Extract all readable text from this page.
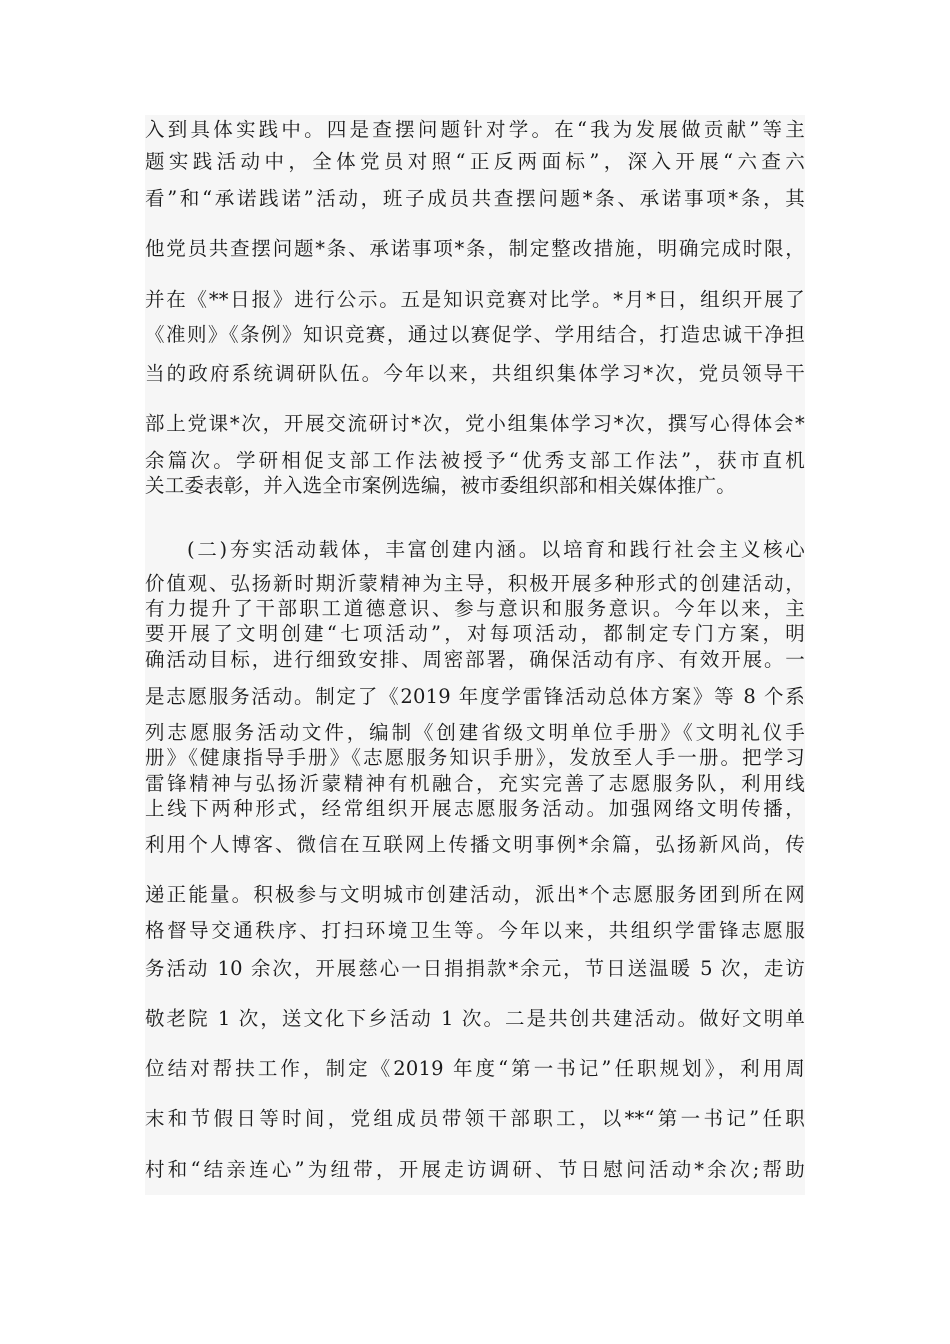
入到具体实践中。四是查摆问题针对学。在“我为发展做贡献”等主
题实践活动中，全体党员对照“正反两面标”，深入开展“六查六
看”和“承诺践诺”活动，班子成员共查摆问题*条、承诺事项*条，其
他党员共查摆问题*条、承诺事项*条，制定整改措施，明确完成时限，
并在《**日报》进行公示。五是知识竞赛对比学。*月*日，组织开展了
《准则》《条例》知识竞赛，通过以赛促学、学用结合，打造忠诚干净担
当的政府系统调研队伍。今年以来，共组织集体学习*次，党员领导干
部上党课*次，开展交流研讨*次，党小组集体学习*次，撰写心得体会*
余篇次。学研相促支部工作法被授予“优秀支部工作法”，获市直机
关工委表彰，并入选全市案例选编，被市委组织部和相关媒体推广。
(二)夯实活动载体，丰富创建内涵。以培育和践行社会主义核心
价值观、弘扬新时期沂蒙精神为主导，积极开展多种形式的创建活动，
有力提升了干部职工道德意识、参与意识和服务意识。今年以来，主
要开展了文明创建“七项活动”，对每项活动，都制定专门方案，明
确活动目标，进行细致安排、周密部署，确保活动有序、有效开展。一
是志愿服务活动。制定了《2019 年度学雷锋活动总体方案》等 8 个系
列志愿服务活动文件，编制《创建省级文明单位手册》《文明礼仪手
册》《健康指导手册》《志愿服务知识手册》，发放至人手一册。把学习
雷锋精神与弘扬沂蒙精神有机融合，充实完善了志愿服务队，利用线
上线下两种形式，经常组织开展志愿服务活动。加强网络文明传播，
利用个人博客、微信在互联网上传播文明事例*余篇，弘扬新风尚，传
递正能量。积极参与文明城市创建活动，派出*个志愿服务团到所在网
格督导交通秩序、打扫环境卫生等。今年以来，共组织学雷锋志愿服
务活动 10 余次，开展慈心一日捐捐款*余元，节日送温暖 5 次，走访
敬老院 1 次，送文化下乡活动 1 次。二是共创共建活动。做好文明单
位结对帮扶工作，制定《2019 年度“第一书记”任职规划》，利用周
末和节假日等时间，党组成员带领干部职工，以**“第一书记”任职
村和“结亲连心”为纽带，开展走访调研、节日慰问活动*余次;帮助
